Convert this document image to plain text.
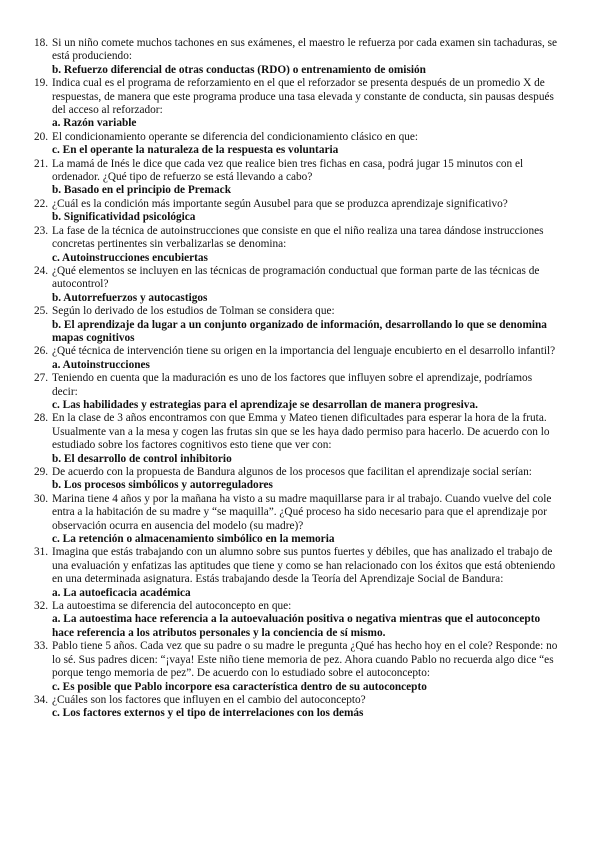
18. Si un niño comete muchos tachones en sus exámenes, el maestro le refuerza por cada examen sin tachaduras, se está produciendo:
b. Refuerzo diferencial de otras conductas (RDO) o entrenamiento de omisión
19. Indica cual es el programa de reforzamiento en el que el reforzador se presenta después de un promedio X de respuestas, de manera que este programa produce una tasa elevada y constante de conducta, sin pausas después del acceso al reforzador:
a. Razón variable
20. El condicionamiento operante se diferencia del condicionamiento clásico en que:
c. En el operante la naturaleza de la respuesta es voluntaria
21. La mamá de Inés le dice que cada vez que realice bien tres fichas en casa, podrá jugar 15 minutos con el ordenador. ¿Qué tipo de refuerzo se está llevando a cabo?
b. Basado en el principio de Premack
22. ¿Cuál es la condición más importante según Ausubel para que se produzca aprendizaje significativo?
b. Significatividad psicológica
23. La fase de la técnica de autoinstrucciones que consiste en que el niño realiza una tarea dándose instrucciones concretas pertinentes sin verbalizarlas se denomina:
c. Autoinstrucciones encubiertas
24. ¿Qué elementos se incluyen en las técnicas de programación conductual que forman parte de las técnicas de autocontrol?
b. Autorrefuerzos y autocastigos
25. Según lo derivado de los estudios de Tolman se considera que:
b. El aprendizaje da lugar a un conjunto organizado de información, desarrollando lo que se denomina mapas cognitivos
26. ¿Qué técnica de intervención tiene su origen en la importancia del lenguaje encubierto en el desarrollo infantil?
a. Autoinstrucciones
27. Teniendo en cuenta que la maduración es uno de los factores que influyen sobre el aprendizaje, podríamos decir:
c. Las habilidades y estrategias para el aprendizaje se desarrollan de manera progresiva.
28. En la clase de 3 años encontramos con que Emma y Mateo tienen dificultades para esperar la hora de la fruta. Usualmente van a la mesa y cogen las frutas sin que se les haya dado permiso para hacerlo. De acuerdo con lo estudiado sobre los factores cognitivos esto tiene que ver con:
b. El desarrollo de control inhibitorio
29. De acuerdo con la propuesta de Bandura algunos de los procesos que facilitan el aprendizaje social serían:
b. Los procesos simbólicos y autorreguladores
30. Marina tiene 4 años y por la mañana ha visto a su madre maquillarse para ir al trabajo. Cuando vuelve del cole entra a la habitación de su madre y “se maquilla”. ¿Qué proceso ha sido necesario para que el aprendizaje por observación ocurra en ausencia del modelo (su madre)?
c. La retención o almacenamiento simbólico en la memoria
31. Imagina que estás trabajando con un alumno sobre sus puntos fuertes y débiles, que has analizado el trabajo de una evaluación y enfatizas las aptitudes que tiene y como se han relacionado con los éxitos que está obteniendo en una determinada asignatura. Estás trabajando desde la Teoría del Aprendizaje Social de Bandura:
a. La autoeficacia académica
32. La autoestima se diferencia del autoconcepto en que:
a. La autoestima hace referencia a la autoevaluación positiva o negativa mientras que el autoconcepto hace referencia a los atributos personales y la conciencia de sí mismo.
33. Pablo tiene 5 años. Cada vez que su padre o su madre le pregunta ¿Qué has hecho hoy en el cole? Responde: no lo sé. Sus padres dicen: “¡vaya! Este niño tiene memoria de pez. Ahora cuando Pablo no recuerda algo dice “es porque tengo memoria de pez”. De acuerdo con lo estudiado sobre el autoconcepto:
c. Es posible que Pablo incorpore esa característica dentro de su autoconcepto
34. ¿Cuáles son los factores que influyen en el cambio del autoconcepto?
c. Los factores externos y el tipo de interrelaciones con los demás
